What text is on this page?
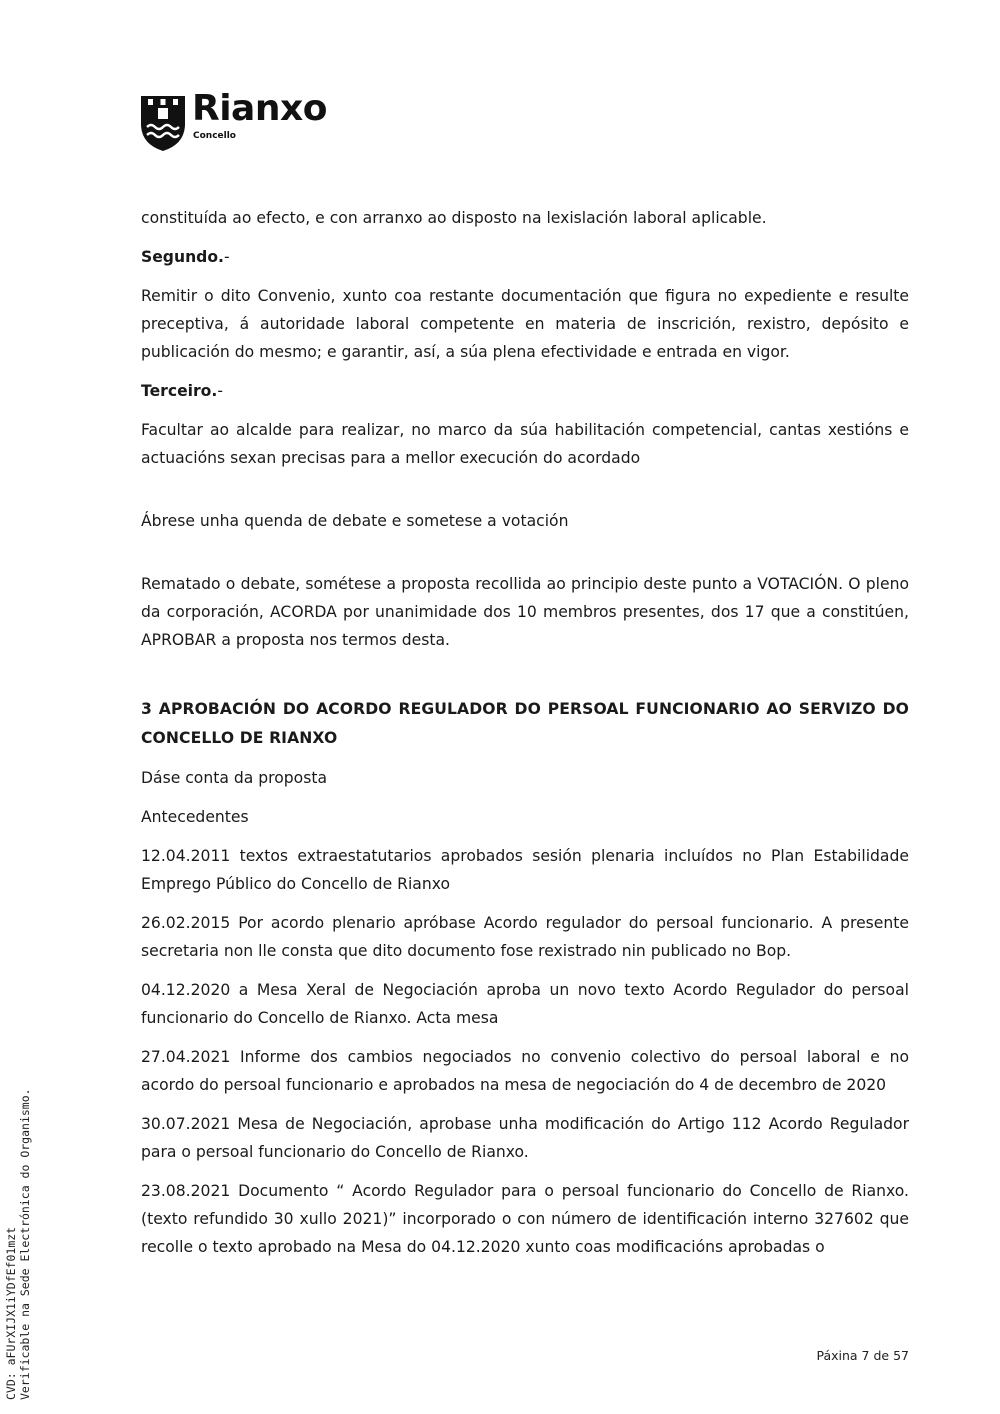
Rianxo
Concello

constituída ao efecto, e con arranxo ao disposto na lexislación laboral aplicable.

Segundo.-

Remitir o dito Convenio, xunto coa restante documentación que figura no expediente e resulte preceptiva, á autoridade laboral competente en materia de inscrición, rexistro, depósito e publicación do mesmo; e garantir, así, a súa plena efectividade e entrada en vigor.

Terceiro.-

Facultar ao alcalde para realizar, no marco da súa habilitación competencial, cantas xestións e actuacións sexan precisas para a mellor execución do acordado

Ábrese unha quenda de debate e sometese a votación

Rematado o debate, sométese a proposta recollida ao principio deste punto a VOTACIÓN. O pleno da corporación, ACORDA por unanimidade dos 10 membros presentes, dos 17 que a constitúen, APROBAR a proposta nos termos desta.

3 APROBACIÓN DO ACORDO REGULADOR DO PERSOAL FUNCIONARIO AO SERVIZO DO CONCELLO DE RIANXO

Dáse conta da proposta

Antecedentes

12.04.2011 textos extraestatutarios aprobados sesión plenaria incluídos no Plan Estabilidade Emprego Público do Concello de Rianxo

26.02.2015 Por acordo plenario apróbase Acordo regulador do persoal funcionario. A presente secretaria non lle consta que dito documento fose rexistrado nin publicado no Bop.

04.12.2020 a Mesa Xeral de Negociación aproba un novo texto Acordo Regulador do persoal funcionario do Concello de Rianxo. Acta mesa

27.04.2021 Informe dos cambios negociados no convenio colectivo do persoal laboral e no acordo do persoal funcionario e aprobados na mesa de negociación do 4 de decembro de 2020

30.07.2021 Mesa de Negociación, aprobase unha modificación do Artigo 112 Acordo Regulador para o persoal funcionario do Concello de Rianxo.

23.08.2021 Documento “ Acordo Regulador para o persoal funcionario do Concello de Rianxo. (texto refundido 30 xullo 2021)” incorporado o con número de identificación interno 327602 que recolle o texto aprobado na Mesa do 04.12.2020 xunto coas modificacións aprobadas o

CVD: aFUrXIJX1iYDfEf01mzt Verificable na Sede Electrónica do Organismo.	Páxina 7 de 57
